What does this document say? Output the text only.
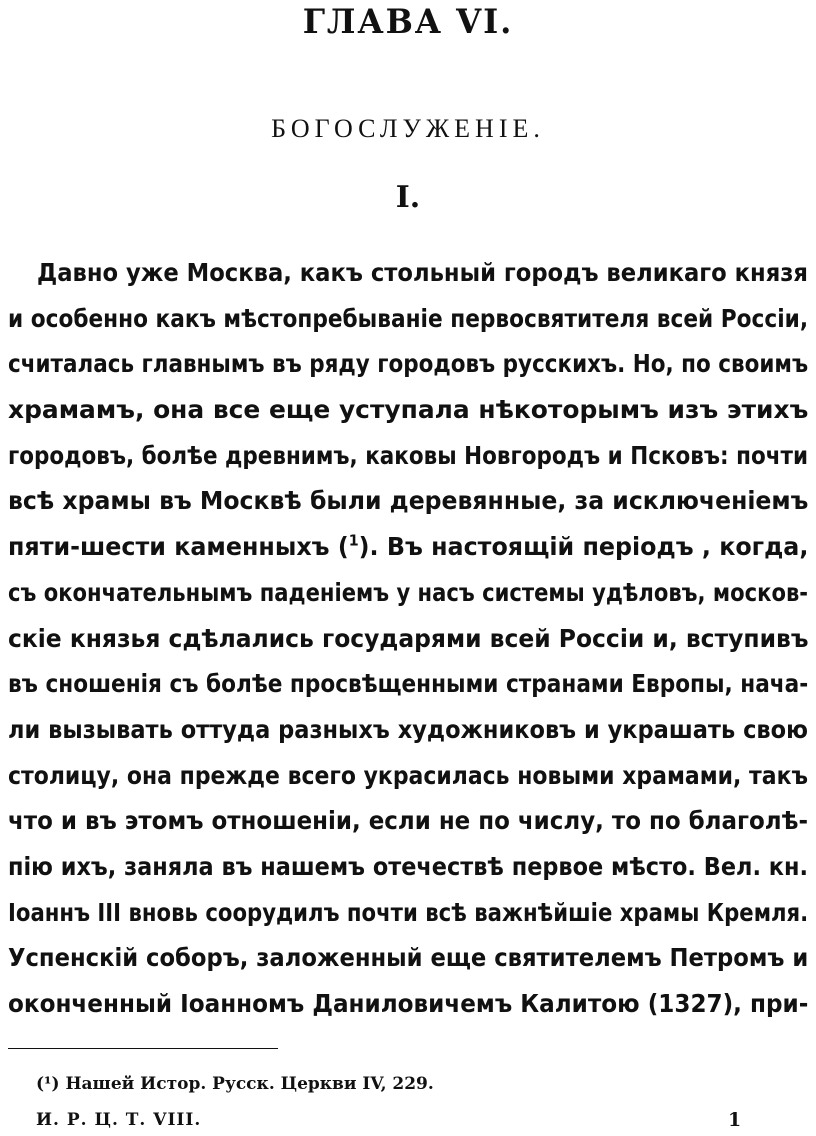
ГЛАВА VI.
БОГОСЛУЖЕНІЕ.
I.
Давно уже Москва, какъ стольный городъ великаго князя
и особенно какъ мѣстопребываніе первосвятителя всей Россіи,
считалась главнымъ въ ряду городовъ русскихъ. Но, по своимъ
храмамъ, она все еще уступала нѣкоторымъ изъ этихъ
городовъ, болѣе древнимъ, каковы Новгородъ и Псковъ: почти
всѣ храмы въ Москвѣ были деревянные, за исключеніемъ
пяти-шести каменныхъ ($^1$). Въ настоящій періодъ , когда,
съ окончательнымъ паденіемъ у насъ системы удѣловъ, москов-
скіе князья сдѣлались государями всей Россіи и, вступивъ
въ сношенія съ болѣе просвѣщенными странами Европы, нача-
ли вызывать оттуда разныхъ художниковъ и украшать свою
столицу, она прежде всего украсилась новыми храмами, такъ
что и въ этомъ отношеніи, если не по числу, то по благолѣ-
пію ихъ, заняла въ нашемъ отечествѣ первое мѣсто. Вел. кн.
Іоаннъ III вновь соорудилъ почти всѣ важнѣйшіе храмы Кремля.
Успенскій соборъ, заложенный еще святителемъ Петромъ и
оконченный Іоанномъ Даниловичемъ Калитою (1327), при-
(¹) Нашей Истор. Русск. Церкви IV, 229.
И. Р. Ц. Т. VIII.	1
